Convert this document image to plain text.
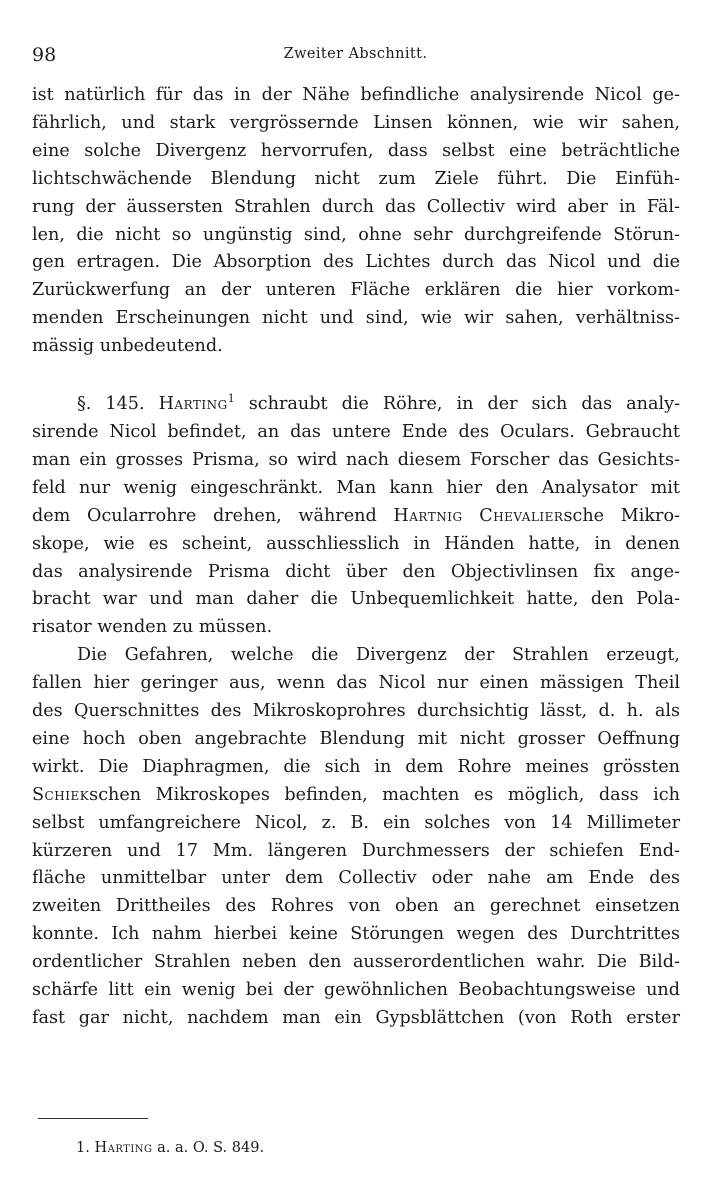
98	Zweiter Abschnitt.
ist natürlich für das in der Nähe befindliche analysirende Nicol ge-
fährlich, und stark vergrössernde Linsen können, wie wir sahen,
eine solche Divergenz hervorrufen, dass selbst eine beträchtliche
lichtschwächende Blendung nicht zum Ziele führt. Die Einfüh-
rung der äussersten Strahlen durch das Collectiv wird aber in Fäl-
len, die nicht so ungünstig sind, ohne sehr durchgreifende Störun-
gen ertragen. Die Absorption des Lichtes durch das Nicol und die
Zurückwerfung an der unteren Fläche erklären die hier vorkom-
menden Erscheinungen nicht und sind, wie wir sahen, verhältniss-
mässig unbedeutend.
§. 145. Harting$^1$ schraubt die Röhre, in der sich das analy-
sirende Nicol befindet, an das untere Ende des Oculars. Gebraucht
man ein grosses Prisma, so wird nach diesem Forscher das Gesichts-
feld nur wenig eingeschränkt. Man kann hier den Analysator mit
dem Ocularrohre drehen, während Hartnig Chevaliersche Mikro-
skope, wie es scheint, ausschliesslich in Händen hatte, in denen
das analysirende Prisma dicht über den Objectivlinsen fix ange-
bracht war und man daher die Unbequemlichkeit hatte, den Pola-
risator wenden zu müssen.
Die Gefahren, welche die Divergenz der Strahlen erzeugt,
fallen hier geringer aus, wenn das Nicol nur einen mässigen Theil
des Querschnittes des Mikroskoprohres durchsichtig lässt, d. h. als
eine hoch oben angebrachte Blendung mit nicht grosser Oeffnung
wirkt. Die Diaphragmen, die sich in dem Rohre meines grössten
Schiekschen Mikroskopes befinden, machten es möglich, dass ich
selbst umfangreichere Nicol, z. B. ein solches von 14 Millimeter
kürzeren und 17 Mm. längeren Durchmessers der schiefen End-
fläche unmittelbar unter dem Collectiv oder nahe am Ende des
zweiten Drittheiles des Rohres von oben an gerechnet einsetzen
konnte. Ich nahm hierbei keine Störungen wegen des Durchtrittes
ordentlicher Strahlen neben den ausserordentlichen wahr. Die Bild-
schärfe litt ein wenig bei der gewöhnlichen Beobachtungsweise und
fast gar nicht, nachdem man ein Gypsblättchen (von Roth erster
1. Harting a. a. O. S. 849.
